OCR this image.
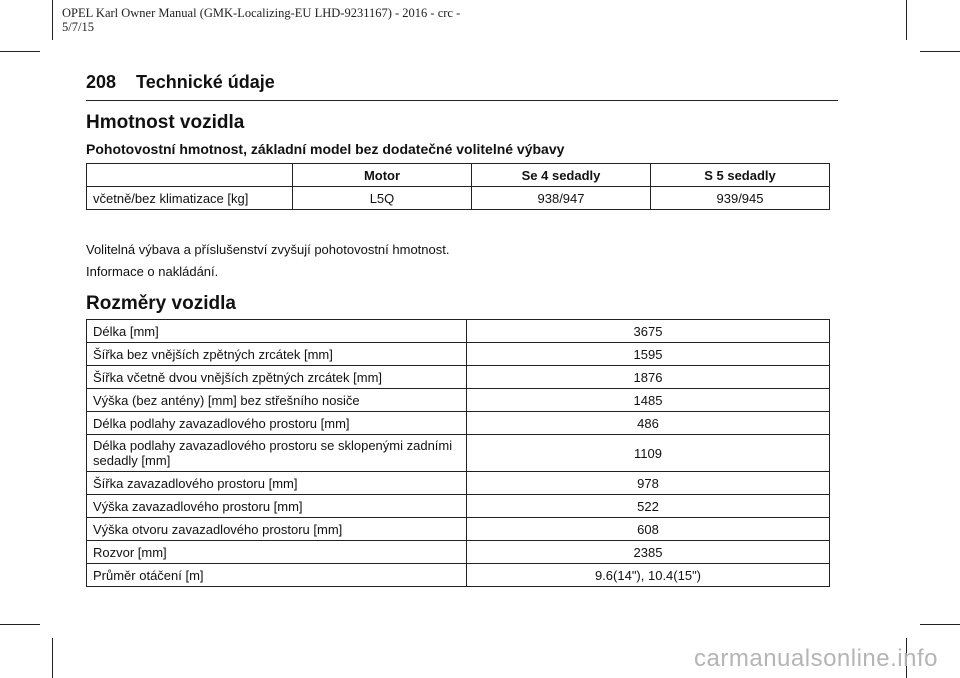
OPEL Karl Owner Manual (GMK-Localizing-EU LHD-9231167) - 2016 - crc -
5/7/15
208 Technické údaje
Hmotnost vozidla
Pohotovostní hmotnost, základní model bez dodatečné volitelné výbavy
	Motor	Se 4 sedadly	S 5 sedadly
včetně/bez klimatizace [kg]	L5Q	938/947	939/945
Volitelná výbava a příslušenství zvyšují pohotovostní hmotnost.
Informace o nakládání.
Rozměry vozidla
Délka [mm]	3675
Šířka bez vnějších zpětných zrcátek [mm]	1595
Šířka včetně dvou vnějších zpětných zrcátek [mm]	1876
Výška (bez antény) [mm] bez střešního nosiče	1485
Délka podlahy zavazadlového prostoru [mm]	486
Délka podlahy zavazadlového prostoru se sklopenými zadními sedadly [mm]	1109
Šířka zavazadlového prostoru [mm]	978
Výška zavazadlového prostoru [mm]	522
Výška otvoru zavazadlového prostoru [mm]	608
Rozvor [mm]	2385
Průměr otáčení [m]	9.6(14"), 10.4(15")
carmanualsonline.info
